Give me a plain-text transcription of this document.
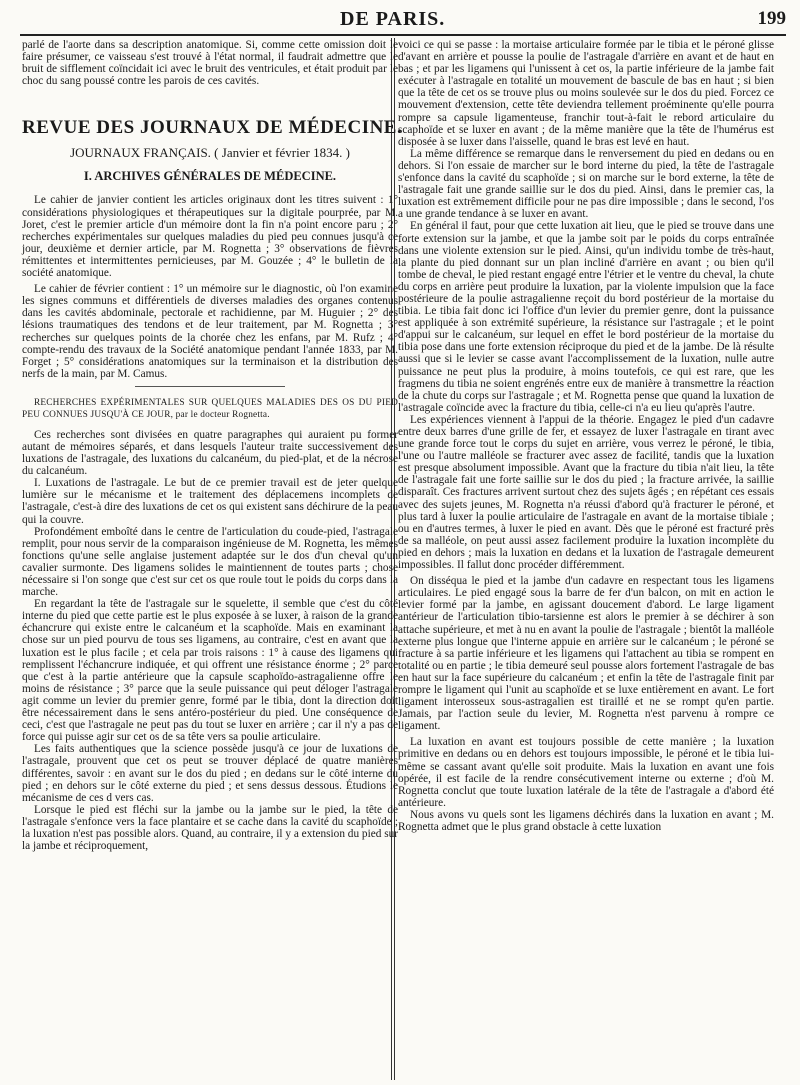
DE PARIS.	199

parlé de l'aorte dans sa description anatomique. Si, comme cette omission doit le faire présumer, ce vaisseau s'est trouvé à l'état normal, il faudrait admettre que le bruit de sifflement coïncidait ici avec le bruit des ventricules, et était produit par le choc du sang poussé contre les parois de ces cavités.

REVUE DES JOURNAUX DE MÉDECINE.
JOURNAUX FRANÇAIS. ( Janvier et février 1834. )
I. ARCHIVES GÉNÉRALES DE MÉDECINE.

Le cahier de janvier contient les articles originaux dont les titres suivent : 1° considérations physiologiques et thérapeutiques sur la digitale pourprée, par M. Joret, c'est le premier article d'un mémoire dont la fin n'a point encore paru ; 2° recherches expérimentales sur quelques maladies du pied peu connues jusqu'à ce jour, deuxième et dernier article, par M. Rognetta ; 3° observations de fièvres rémittentes et intermittentes pernicieuses, par M. Gouzée ; 4° le bulletin de la société anatomique.

Le cahier de février contient : 1° un mémoire sur le diagnostic, où l'on examine les signes communs et différentiels de diverses maladies des organes contenus dans les cavités abdominale, pectorale et rachidienne, par M. Huguier ; 2° des lésions traumatiques des tendons et de leur traitement, par M. Rognetta ; 3° recherches sur quelques points de la chorée chez les enfans, par M. Rufz ; 4° compte-rendu des travaux de la Société anatomique pendant l'année 1833, par M. Forget ; 5° considérations anatomiques sur la terminaison et la distribution des nerfs de la main, par M. Camus.

RECHERCHES EXPÉRIMENTALES SUR QUELQUES MALADIES DES OS DU PIED PEU CONNUES JUSQU'À CE JOUR, par le docteur Rognetta.

Ces recherches sont divisées en quatre paragraphes qui auraient pu former autant de mémoires séparés, et dans lesquels l'auteur traite successivement des luxations de l'astragale, des luxations du calcanéum, du pied-plat, et de la nécrose du calcanéum.

I. Luxations de l'astragale. Le but de ce premier travail est de jeter quelque lumière sur le mécanisme et le traitement des déplacemens incomplets de l'astragale, c'est-à dire des luxations de cet os qui existent sans déchirure de la peau qui la couvre.

Profondément emboîté dans le centre de l'articulation du coude-pied, l'astragale remplit, pour nous servir de la comparaison ingénieuse de M. Rognetta, les mêmes fonctions qu'une selle anglaise justement adaptée sur le dos d'un cheval qu'un cavalier surmonte. Des ligamens solides le maintiennent de toutes parts ; chose nécessaire si l'on songe que c'est sur cet os que roule tout le poids du corps dans la marche.

En regardant la tête de l'astragale sur le squelette, il semble que c'est du côté interne du pied que cette partie est le plus exposée à se luxer, à raison de la grande échancrure qui existe entre le calcanéum et la scaphoïde. Mais en examinant la chose sur un pied pourvu de tous ses ligamens, au contraire, c'est en avant que la luxation est le plus facile ; et cela par trois raisons : 1° à cause des ligamens qui remplissent l'échancrure indiquée, et qui offrent une résistance énorme ; 2° parce que c'est à la partie antérieure que la capsule scaphoïdo-astragalienne offre le moins de résistance ; 3° parce que la seule puissance qui peut déloger l'astragale agit comme un levier du premier genre, formé par le tibia, dont la direction doit être nécessairement dans le sens antéro-postérieur du pied. Une conséquence de ceci, c'est que l'astragale ne peut pas du tout se luxer en arrière ; car il n'y a pas de force qui puisse agir sur cet os de sa tête vers sa poulie articulaire.

Les faits authentiques que la science possède jusqu'à ce jour de luxations de l'astragale, prouvent que cet os peut se trouver déplacé de quatre manières différentes, savoir : en avant sur le dos du pied ; en dedans sur le côté interne du pied ; en dehors sur le côté externe du pied ; et sens dessus dessous. Étudions le mécanisme de ces d vers cas.

Lorsque le pied est fléchi sur la jambe ou la jambe sur le pied, la tête de l'astragale s'enfonce vers la face plantaire et se cache dans la cavité du scaphoïde ; la luxation n'est pas possible alors. Quand, au contraire, il y a extension du pied sur la jambe et réciproquement,

voici ce qui se passe : la mortaise articulaire formée par le tibia et le péroné glisse d'avant en arrière et pousse la poulie de l'astragale d'arrière en avant et de haut en bas ; et par les ligamens qui l'unissent à cet os, la partie inférieure de la jambe fait exécuter à l'astragale en totalité un mouvement de bascule de bas en haut ; si bien que la tête de cet os se trouve plus ou moins soulevée sur le dos du pied. Forcez ce mouvement d'extension, cette tête deviendra tellement proéminente qu'elle pourra rompre sa capsule ligamenteuse, franchir tout-à-fait le rebord articulaire du scaphoïde et se luxer en avant ; de la même manière que la tête de l'humérus est disposée à se luxer dans l'aisselle, quand le bras est levé en haut.

La même différence se remarque dans le renversement du pied en dedans ou en dehors. Si l'on essaie de marcher sur le bord interne du pied, la tête de l'astragale s'enfonce dans la cavité du scaphoïde ; si on marche sur le bord externe, la tête de l'astragale fait une grande saillie sur le dos du pied. Ainsi, dans le premier cas, la luxation est extrêmement difficile pour ne pas dire impossible ; dans le second, l'os a une grande tendance à se luxer en avant.

En général il faut, pour que cette luxation ait lieu, que le pied se trouve dans une forte extension sur la jambe, et que la jambe soit par le poids du corps entraînée dans une violente extension sur le pied. Ainsi, qu'un individu tombe de très-haut, la plante du pied donnant sur un plan incliné d'arrière en avant ; ou bien qu'il tombe de cheval, le pied restant engagé entre l'étrier et le ventre du cheval, la chute du corps en arrière peut produire la luxation, par la violente impulsion que la face postérieure de la poulie astragalienne reçoit du bord postérieur de la mortaise du tibia. Le tibia fait donc ici l'office d'un levier du premier genre, dont la puissance est appliquée à son extrémité supérieure, la résistance sur l'astragale ; et le point d'appui sur le calcanéum, sur lequel en effet le bord postérieur de la mortaise du tibia pose dans une forte extension réciproque du pied et de la jambe. De là résulte aussi que si le levier se casse avant l'accomplissement de la luxation, nulle autre puissance ne peut plus la produire, à moins toutefois, ce qui est rare, que les fragmens du tibia ne soient engrénés entre eux de manière à transmettre la réaction de la chute du corps sur l'astragale ; et M. Rognetta pense que quand la luxation de l'astragale coïncide avec la fracture du tibia, celle-ci n'a eu lieu qu'après l'autre.

Les expériences viennent à l'appui de la théorie. Engagez le pied d'un cadavre entre deux barres d'une grille de fer, et essayez de luxer l'astragale en tirant avec une grande force tout le corps du sujet en arrière, vous verrez le péroné, le tibia, l'une ou l'autre malléole se fracturer avec assez de facilité, tandis que la luxation est presque absolument impossible. Avant que la fracture du tibia n'ait lieu, la tête de l'astragale fait une forte saillie sur le dos du pied ; la fracture arrivée, la saillie disparaît. Ces fractures arrivent surtout chez des sujets âgés ; en répétant ces essais avec des sujets jeunes, M. Rognetta n'a réussi d'abord qu'à fracturer le péroné, et plus tard à luxer la poulie articulaire de l'astragale en avant de la mortaise tibiale ; ou en d'autres termes, à luxer le pied en avant. Dès que le péroné est fracturé près de sa malléole, on peut aussi assez facilement produire la luxation incomplète du pied en dehors ; mais la luxation en dedans et la luxation de l'astragale demeurent impossibles. Il fallut donc procéder différemment.

On disséqua le pied et la jambe d'un cadavre en respectant tous les ligamens articulaires. Le pied engagé sous la barre de fer d'un balcon, on mit en action le levier formé par la jambe, en agissant doucement d'abord. Le large ligament antérieur de l'articulation tibio-tarsienne est alors le premier à se déchirer à son attache supérieure, et met à nu en avant la poulie de l'astragale ; bientôt la malléole externe plus longue que l'interne appuie en arrière sur le calcanéum ; le péroné se fracture à sa partie inférieure et les ligamens qui l'attachent au tibia se rompent en totalité ou en partie ; le tibia demeuré seul pousse alors fortement l'astragale de bas en haut sur la face supérieure du calcanéum ; et enfin la tête de l'astragale finit par rompre le ligament qui l'unit au scaphoïde et se luxe entièrement en avant. Le fort ligament interosseux sous-astragalien est tiraillé et ne se rompt qu'en partie. Jamais, par l'action seule du levier, M. Rognetta n'est parvenu à rompre ce ligament.

La luxation en avant est toujours possible de cette manière ; la luxation primitive en dedans ou en dehors est toujours impossible, le péroné et le tibia lui-même se cassant avant qu'elle soit produite. Mais la luxation en avant une fois opérée, il est facile de la rendre consécutivement interne ou externe ; d'où M. Rognetta conclut que toute luxation latérale de la tête de l'astragale a d'abord été antérieure.

Nous avons vu quels sont les ligamens déchirés dans la luxation en avant ; M. Rognetta admet que le plus grand obstacle à cette luxation
